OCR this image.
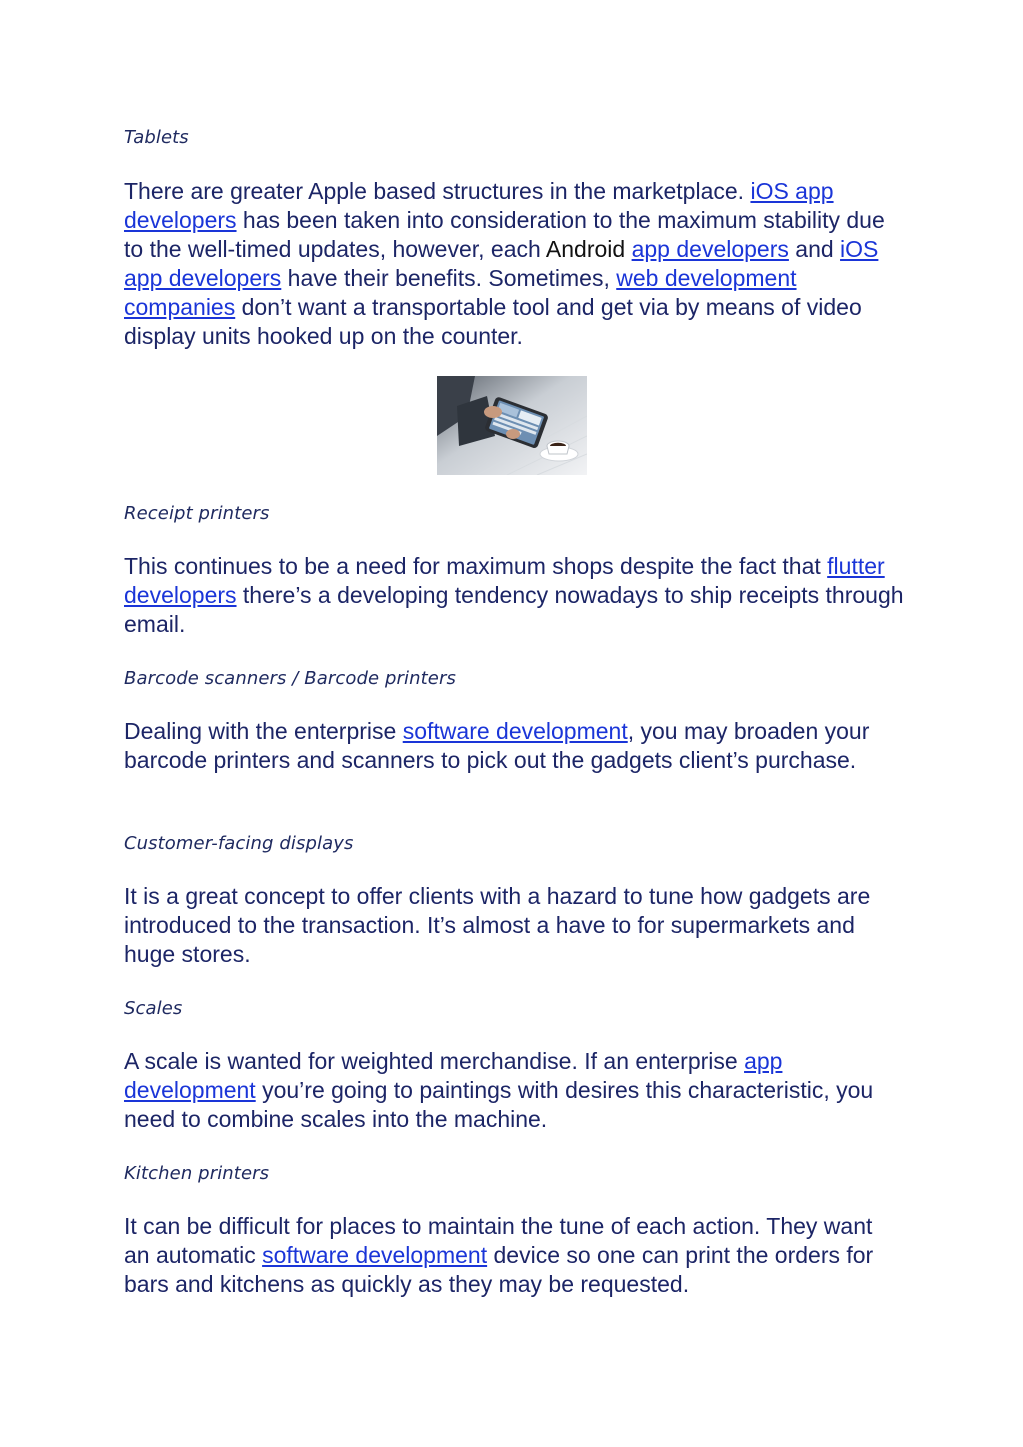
Tablets

There are greater Apple based structures in the marketplace. iOS app developers has been taken into consideration to the maximum stability due to the well-timed updates, however, each Android app developers and iOS app developers have their benefits. Sometimes, web development companies don’t want a transportable tool and get via by means of video display units hooked up on the counter.

Receipt printers

This continues to be a need for maximum shops despite the fact that flutter developers there’s a developing tendency nowadays to ship receipts through email.

Barcode scanners / Barcode printers

Dealing with the enterprise software development, you may broaden your barcode printers and scanners to pick out the gadgets client’s purchase.

Customer-facing displays

It is a great concept to offer clients with a hazard to tune how gadgets are introduced to the transaction. It’s almost a have to for supermarkets and huge stores.

Scales

A scale is wanted for weighted merchandise. If an enterprise app development you’re going to paintings with desires this characteristic, you need to combine scales into the machine.

Kitchen printers

It can be difficult for places to maintain the tune of each action. They want an automatic software development device so one can print the orders for bars and kitchens as quickly as they may be requested.
